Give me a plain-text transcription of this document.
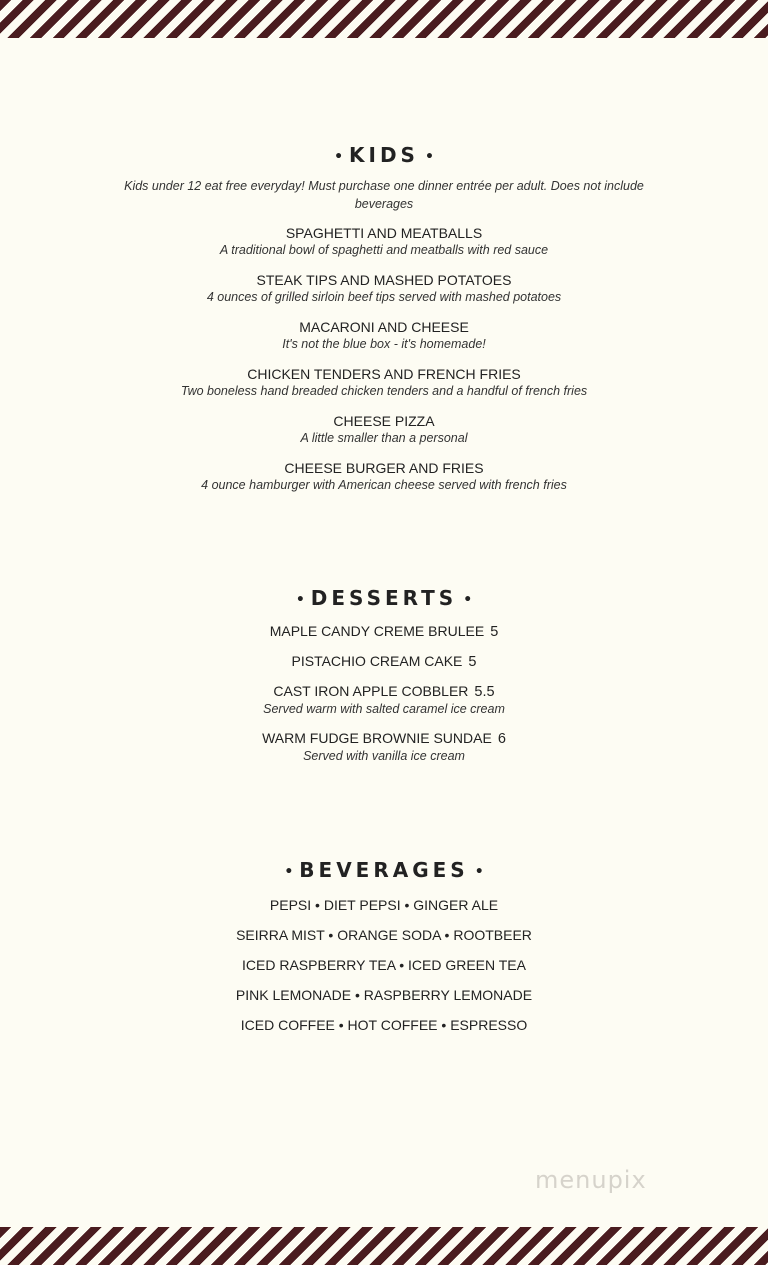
• KIDS •
Kids under 12 eat free everyday! Must purchase one dinner entrée per adult. Does not include beverages
SPAGHETTI AND MEATBALLS
A traditional bowl of spaghetti and meatballs with red sauce
STEAK TIPS AND MASHED POTATOES
4 ounces of grilled sirloin beef tips served with mashed potatoes
MACARONI AND CHEESE
It's not the blue box - it's homemade!
CHICKEN TENDERS AND FRENCH FRIES
Two boneless hand breaded chicken tenders and a handful of french fries
CHEESE PIZZA
A little smaller than a personal
CHEESE BURGER AND FRIES
4 ounce hamburger with American cheese served with french fries
• DESSERTS •
MAPLE CANDY CREME BRULEE 5
PISTACHIO CREAM CAKE 5
CAST IRON APPLE COBBLER 5.5
Served warm with salted caramel ice cream
WARM FUDGE BROWNIE SUNDAE 6
Served with vanilla ice cream
• BEVERAGES •
PEPSI • DIET PEPSI • GINGER ALE
SEIRRA MIST • ORANGE SODA • ROOTBEER
ICED RASPBERRY TEA • ICED GREEN TEA
PINK LEMONADE • RASPBERRY LEMONADE
ICED COFFEE • HOT COFFEE • ESPRESSO
menupix
